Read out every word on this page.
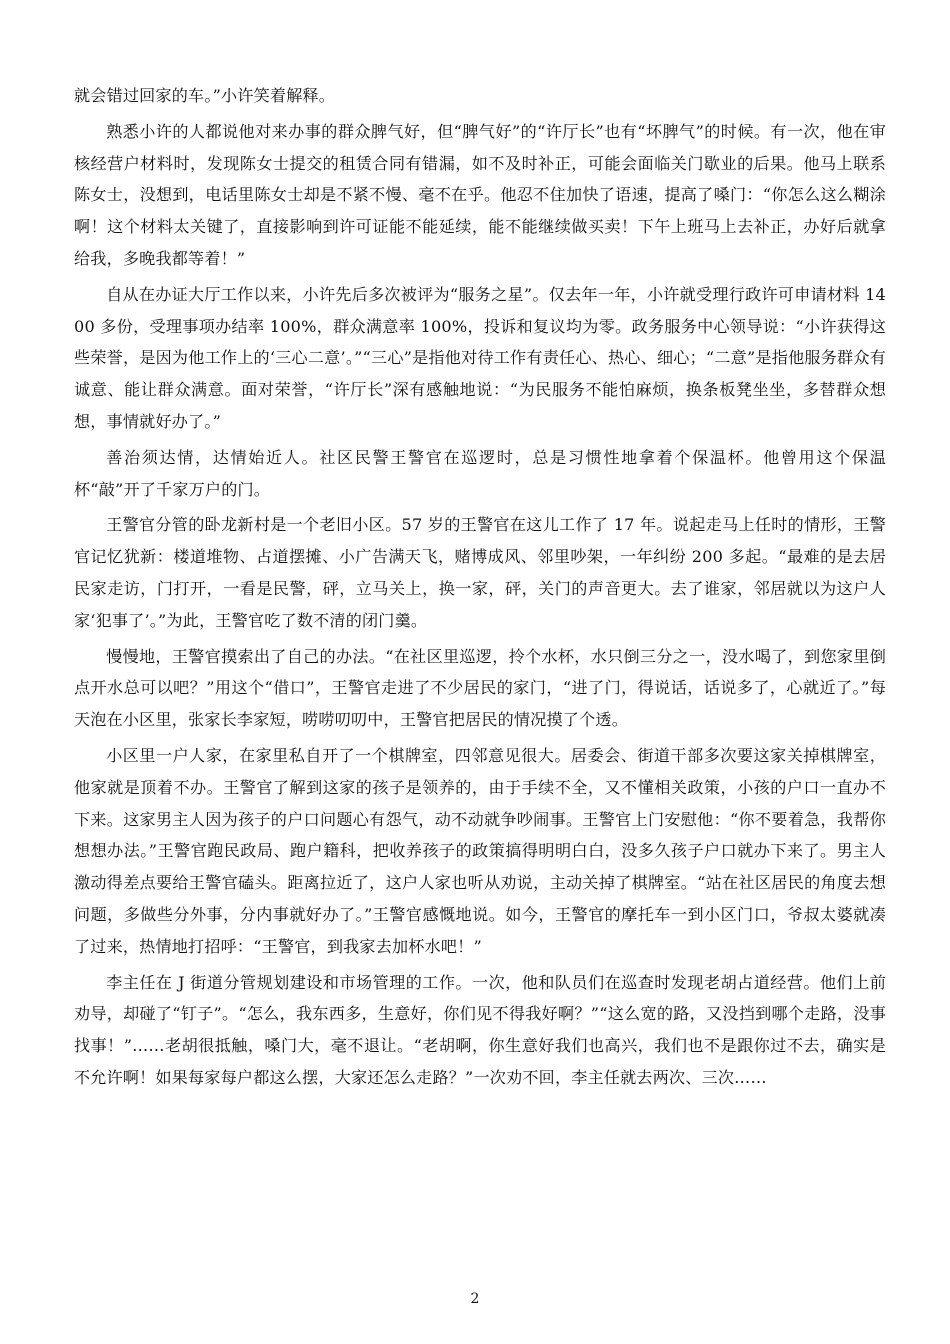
就会错过回家的车。”小许笑着解释。

熟悉小许的人都说他对来办事的群众脾气好，但“脾气好”的“许厅长”也有“坏脾气”的时候。有一次，他在审核经营户材料时，发现陈女士提交的租赁合同有错漏，如不及时补正，可能会面临关门歇业的后果。他马上联系陈女士，没想到，电话里陈女士却是不紧不慢、毫不在乎。他忍不住加快了语速，提高了嗓门：“你怎么这么糊涂啊！这个材料太关键了，直接影响到许可证能不能延续，能不能继续做买卖！下午上班马上去补正，办好后就拿给我，多晚我都等着！”

自从在办证大厅工作以来，小许先后多次被评为“服务之星”。仅去年一年，小许就受理行政许可申请材料 1400 多份，受理事项办结率 100%，群众满意率 100%，投诉和复议均为零。政务服务中心领导说：“小许获得这些荣誉，是因为他工作上的‘三心二意’。”“三心”是指他对待工作有责任心、热心、细心；“二意”是指他服务群众有诚意、能让群众满意。面对荣誉，“许厅长”深有感触地说：“为民服务不能怕麻烦，换条板凳坐坐，多替群众想想，事情就好办了。”

善治须达情，达情始近人。社区民警王警官在巡逻时，总是习惯性地拿着个保温杯。他曾用这个保温杯“敲”开了千家万户的门。

王警官分管的卧龙新村是一个老旧小区。57 岁的王警官在这儿工作了 17 年。说起走马上任时的情形，王警官记忆犹新：楼道堆物、占道摆摊、小广告满天飞，赌博成风、邻里吵架，一年纠纷 200 多起。“最难的是去居民家走访，门打开，一看是民警，砰，立马关上，换一家，砰，关门的声音更大。去了谁家，邻居就以为这户人家‘犯事了’。”为此，王警官吃了数不清的闭门羹。

慢慢地，王警官摸索出了自己的办法。“在社区里巡逻，拎个水杯，水只倒三分之一，没水喝了，到您家里倒点开水总可以吧？”用这个“借口”，王警官走进了不少居民的家门，“进了门，得说话，话说多了，心就近了。”每天泡在小区里，张家长李家短，唠唠叨叨中，王警官把居民的情况摸了个透。

小区里一户人家，在家里私自开了一个棋牌室，四邻意见很大。居委会、街道干部多次要这家关掉棋牌室，他家就是顶着不办。王警官了解到这家的孩子是领养的，由于手续不全，又不懂相关政策，小孩的户口一直办不下来。这家男主人因为孩子的户口问题心有怨气，动不动就争吵闹事。王警官上门安慰他：“你不要着急，我帮你想想办法。”王警官跑民政局、跑户籍科，把收养孩子的政策搞得明明白白，没多久孩子户口就办下来了。男主人激动得差点要给王警官磕头。距离拉近了，这户人家也听从劝说，主动关掉了棋牌室。“站在社区居民的角度去想问题，多做些分外事，分内事就好办了。”王警官感慨地说。如今，王警官的摩托车一到小区门口，爷叔太婆就凑了过来，热情地打招呼：“王警官，到我家去加杯水吧！”

李主任在 J 街道分管规划建设和市场管理的工作。一次，他和队员们在巡查时发现老胡占道经营。他们上前劝导，却碰了“钉子”。“怎么，我东西多，生意好，你们见不得我好啊？”“这么宽的路，又没挡到哪个走路，没事找事！”……老胡很抵触，嗓门大，毫不退让。“老胡啊，你生意好我们也高兴，我们也不是跟你过不去，确实是不允许啊！如果每家每户都这么摆，大家还怎么走路？”一次劝不回，李主任就去两次、三次……

2
